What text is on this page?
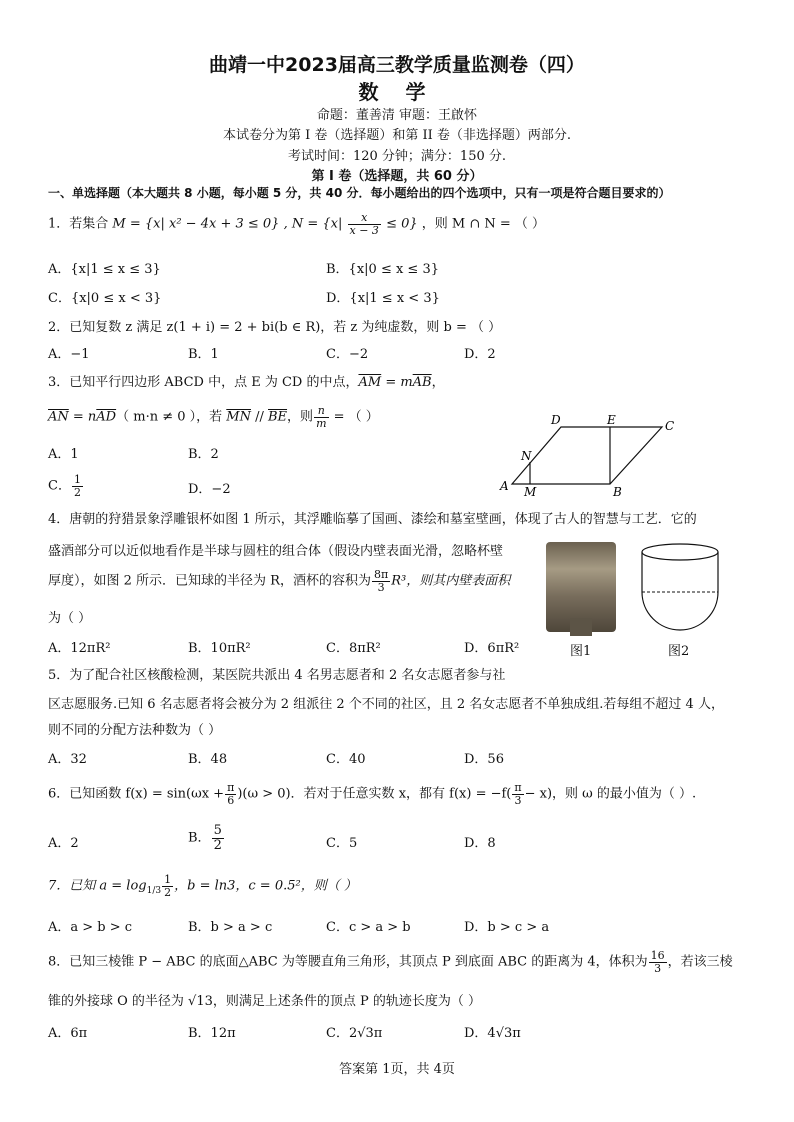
曲靖一中2023届高三教学质量监测卷（四）
数 学
命题：董善清 审题：王啟怀
本试卷分为第 I 卷（选择题）和第 II 卷（非选择题）两部分.
考试时间：120 分钟；满分：150 分.
第 I 卷（选择题，共 60 分）
一、单选择题（本大题共 8 小题，每小题 5 分，共 40 分．每小题给出的四个选项中，只有一项是符合题目要求的）
1．若集合 M = {x| x² − 4x + 3 ≤ 0} , $N = \{x| \frac{x}{x - 3} \le 0\}$ ，则 M ∩ N = （ ）
A．{x|1 ≤ x ≤ 3}	B．{x|0 ≤ x ≤ 3}
C．{x|0 ≤ x < 3}	D．{x|1 ≤ x < 3}
2．已知复数 z 满足 z(1 + i) = 2 + bi(b ∈ R)，若 z 为纯虚数，则 b = （ ）
A．−1	B．1	C．−2	D．2
3．已知平行四边形 ABCD 中，点 E 为 CD 的中点，$\overline{AM} = m\overline{AB}$，
$\overline{AN} = n\overline{AD}$（ m·n ≠ 0 ），若 $\overline{MN} // \overline{BE}$，则 $\frac{n}{m}$ = （ ）
A．1	B．2
C． $\frac{1}{2}$	D．−2	A	B
C
D	E
M
N
4．唐朝的狩猎景象浮雕银杯如图 1 所示，其浮雕临摹了国画、漆绘和墓室壁画，体现了古人的智慧与工艺．它的
盛酒部分可以近似地看作是半球与圆柱的组合体（假设内壁表面光滑，忽略杯壁
厚度），如图 2 所示．已知球的半径为 R，酒杯的容积为 $\frac{8\pi}{3} R^3$，则其内壁表面积
为（ ）
A．12πR²	B．10πR²	C．8πR²	D．6πR²	图1	图2
5．为了配合社区核酸检测，某医院共派出 4 名男志愿者和 2 名女志愿者参与社
区志愿服务.已知 6 名志愿者将会被分为 2 组派往 2 个不同的社区，且 2 名女志愿者不单独成组.若每组不超过 4 人，
则不同的分配方法种数为（ ）
A．32	B．48	C．40	D．56
6．已知函数 $f(x) = \sin(\omega x + \frac{\pi}{6} )(\omega > 0)$．若对于任意实数 x，都有 $f(x) = -f( \frac{\pi}{3} - x)$，则 ω 的最小值为（ ）.
A．2	B． $\frac{5}{2}$	C．5	D．8
7．已知 $a = \log_{1/3} \frac{1}{2}$ ，b = ln3，c = 0.5²，则（ ）
A．a > b > c	B．b > a > c	C．c > a > b	D．b > c > a
8．已知三棱锥 P − ABC 的底面△ABC 为等腰直角三角形，其顶点 P 到底面 ABC 的距离为 4，体积为 $\frac{16}{3}$ ，若该三棱
锥的外接球 O 的半径为 √13，则满足上述条件的顶点 P 的轨迹长度为（ ）
A．6π	B．12π	C．2√3π	D．4√3π
答案第 1页，共 4页
